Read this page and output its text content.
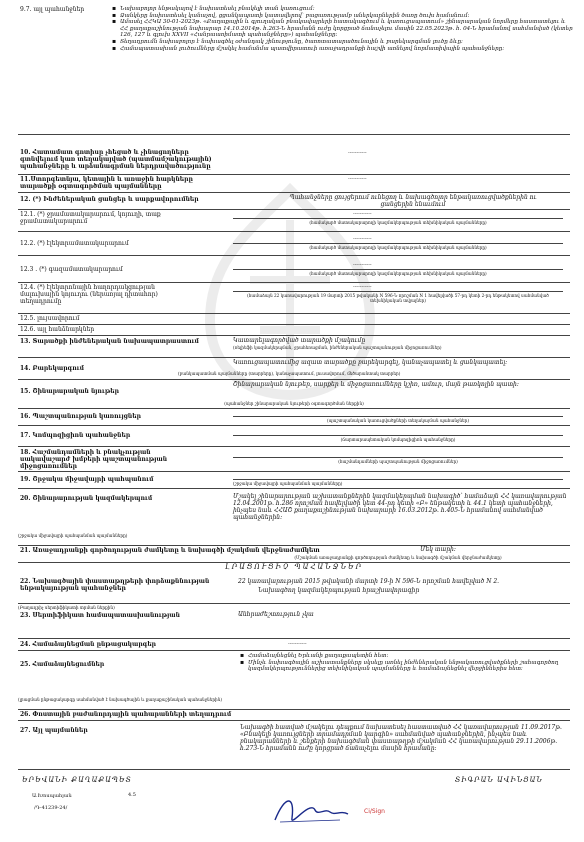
9.7. այլ պահանջներ
▪	Նախաբոլոր ենթակայով է նախատեսել բնակելի տան կառուցում:
▪ Ձանկերը նախատեսել կանաչով, ցցանկապատի կատավերով՝ բացառությամբ աներկարներին ծառը ծուխ համանում:
▪ Ամասել ՀՀԿԱ 30-01-2023թ. «Քաղաքային և գյուղական բնակավայրերի հատակագծում և կառուցապատում» շինարարական նորմերը հաստատելու և ՀՀ քաղաքաշինության նախարար 14.10.2014թ. հ.263-Ն հրամանն ուժը կորցրած ճանաչելու մասին 22.05.2023թ. հ. 04-Ն հրամանով սահմանված (կետեր 126, 127 և գլուխ XXVII «Հանրաառիմատի պահանջները») պահանջները:
▪ Տեղադրումն նախաբոլոր է նախագծել օժանդակ շինությունը, ծառոտատարածունային և բարեկարգման լուծը ձևը:
▪ Համապատասխան լուծումները մշակել համանմա պատվիրատուի առաջադրանքի հաշվի առնելով նորմատիվային պահանջները:
10. Հատամատ գոտիսը չհեցած և չինացողները գտնվելում կառ տեղակայված (պատմամշակութային) պահանջները և արձանագրման ներդրավածությունը
-----------
11.Ստորգետնյա, կետային և առաջին հարկները տարածքի օգտագործման պայմանները
-----------
12. (*) Ինժեներական ցանցեր և սարքավորումներ	Պահանջները ցույցերում ունեցող և նախագծոլոր ենթակառուցվածքներին ու ցանցերին ենաւմում
12.1. (*) ջրամատակարարում, կոյուղի, տաք ջրամատակարարում
-----------
(համակարծ մատակարարողի կազմակերպության տեխնիկական պայմանները)
12.2. (*) էլեկտրամատակարարում
-----------
(համակարծ մատակարարողի կազմակերպության տեխնիկական պայմանները)
12.3 . (*) գազամատակարարում
-----------
(համակարծ մատակարարողի կազմակերպության տեխնիկական պայմանները)
12.4. (*) էլեկտրոնային հաղորդակցության մալուխային կոյուղու (ներառյալ դիտահոր) տեղադրումը
-----------
(համաձայն 22 կառավարության 19 մարտի 2015 թվականի N 596-Ն որոշման N 1 հավելվածի 57-րդ կետի 2-րդ ենթակետով սահմանված տեխնիկական տվյալներ)
12.5. լույսավորում
12.6. այլ հանձնարկներ
13. Տարածքի ինժեներական նախապատրաստում	Կատարելագործված տարածքի մշակումը
(ռելիեֆի կազմակերպման, ջրահեռացման, ինժեներական պաշտպանության միջոցառումներ)
14. Բարեկարգում
Կառուցապատումից ազատ տարածքը բարեկարգել, կանաչապատել և ցանկապատել:
(բանկապատման պայմանները (տարրերը), կանաչապատում, լուսավորում, մեծարանտակ տարրեր)
15. Շինարարական նյութեր
Շինարարական նյութեր, սարքեր և միջոցառումները կշիռ, ամուր, մայն թառկոլին պատի:
(պահանջներ շինարարական նյութերի օգտագործման ներքին)
16. Պաշտպանության կառույցներ
(պաշտպանական կառուցվածքների տեղակայման պահանջներ)
17. Կոմպոզիցիոն պահանջներ
(ճարտարապետական կոմպոզիցիոն պահանջները)
18. Հաշմանդամների և բնակչության սակավաշարժ խմբերի պաշտպանության միջոցառումներ
(հաշմանդամների պաշտպանության միջոցառումներ)
19. Շրջակա միջավայրի պահպանում
(շրջակա միջավայրի պահպանման պայմանները)
20. Շինարարության կազմակերպում	Մշակել շինարարության աշխատանքներին կազմակերպման նախագիծ՝ համաձայն ՀՀ կառավարության 12.04.2001թ. հ.286 որոշման հավելվածի կետ 44-րդ կետի «Բ» ենթակետի և 44.1 կետի պահանջների, ինչպես նաև ՀՀԱՇ քաղաքաշինության նախարարի 16.03.2012թ. հ.405-Ն հրամանով սահմանված պահանջներին:
(շրջակա միջավայրի պահպանման պայմանները)
21. Առաջադրանքի գործողության ժամկետը և նախագծի մշակման վերջնաժամկետ	Մեկ տարի:
(Մշակման առաջադրանքի գործողության ժամկետը և նախագծի մշակման վերջնաժամկետը)
ԼՐԱՑՈՒՑԻՉ ՊԱՀԱՆՋՆԵՐ
22. Նախագծային փաստաթղթերի փորձաքննության ենթակայության պահանջներ
22 կառավարության 2015 թվականի մարտի 19-ի N 596-Ն որոշման հավելված N 2.
Նախագծող կազմակերպության հրաշխավորագիր
23. Սերտիֆիկատ համապատասխանության	Անհրաժեշտություն չկա
(Բաղադրիչ սերտիֆիկատի տրման ներքին)
24. Համաձայնեցման ընթացակարգեր	-----------
25. Համաձայնեցումներ
▪ Համաձայնեցնել Երևանի քաղաքապետին հետ:
▪ Մինչև նախագծային աշխատանքները սկսելը առնել ինժեներական ենթակառուցվածքների շահագործող կազմակերպություններից տեխնիկական պայմանները և համաձայնեցնել վերջիններիս հետ:
(լրացման ընթացակարգը սահմանված է նախագծային և քաղաքաշինական պահանջներին)
26. Փոստային բաժանորդային պահարանների տեղադրում
27. Այլ պայմաններ	Նախագծի հատված մշակելու դեպքում նախատեսել հաստատված ՀՀ կառավարության 11.09.2017թ. «Բնակելի կառույցների տրամադրման կարգին» սահմանված պահանջներին, ինչպես նաև բնակարանների և շենքերի նախագծման փաստաթղթի մշակման ՀՀ կառավարության 29.11.2006թ. հ.273-Ն հրամանն ուժը կորցրած ճանաչելու մասին հրամանը:
ԵՐԵՎԱՆԻ ՔԱՂԱՔԱՊԵՏ
Ա.Խոսպահյան
/Դ-41239-24/
4.5
ՏԻԳՐԱՆ ԱՎԻՆՅԱՆ
Ci/Sign
